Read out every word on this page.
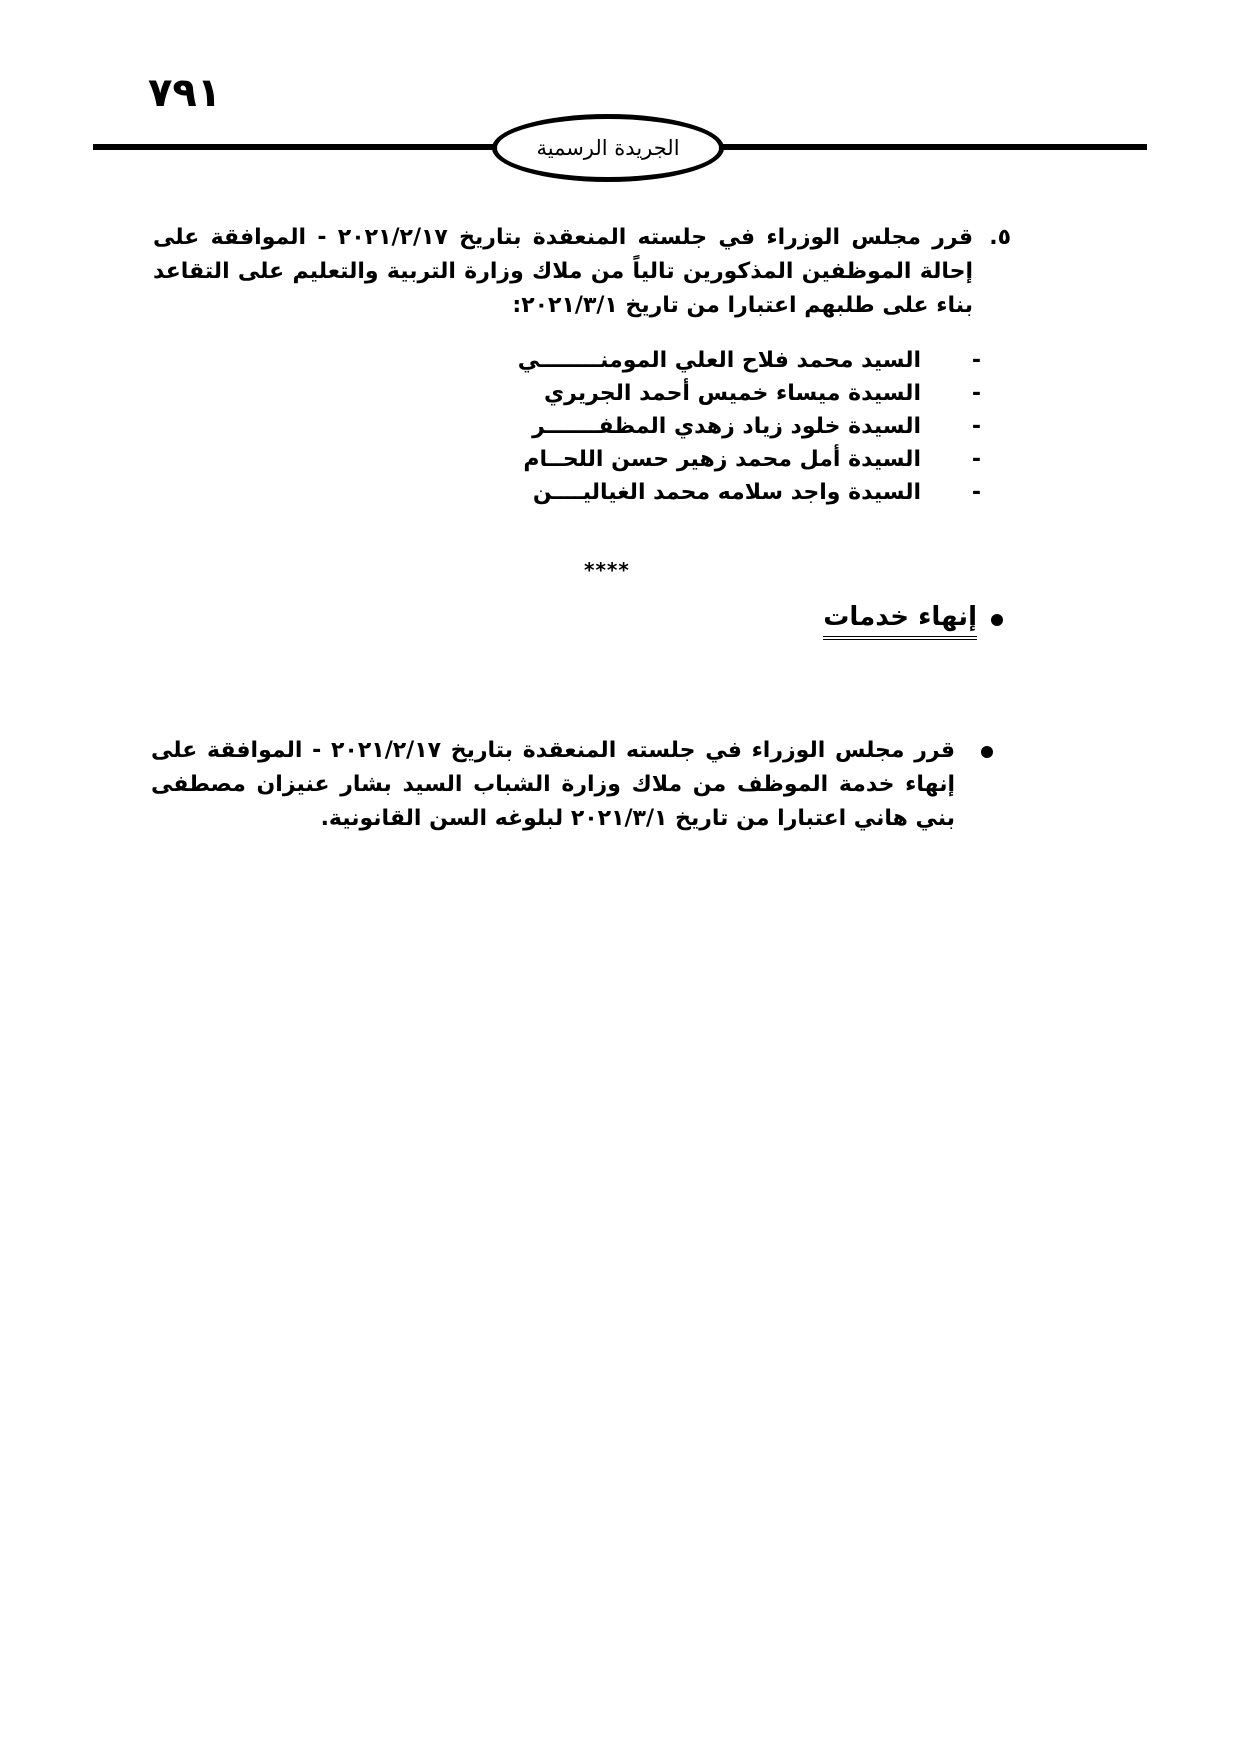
٧٩١
الجريدة الرسمية
٥.
قرر مجلس الوزراء في جلسته المنعقدة بتاريخ ٢٠٢١/٢/١٧ - الموافقة على إحالة الموظفين المذكورين تالياً من ملاك وزارة التربية والتعليم على التقاعد بناء على طلبهم اعتبارا من تاريخ ٢٠٢١/٣/١:
-
السيد محمد فلاح العلي المومنــــــــي
-
السيدة ميساء خميس أحمد الجريري
-
السيدة خلود زياد زهدي المظفـــــــر
-
السيدة أمل محمد زهير حسن اللحــام
-
السيدة واجد سلامه محمد الغياليــــن
****
إنهاء خدمات
قرر مجلس الوزراء في جلسته المنعقدة بتاريخ ٢٠٢١/٢/١٧ - الموافقة على إنهاء خدمة الموظف من ملاك وزارة الشباب السيد بشار عنيزان مصطفى بني هاني اعتبارا من تاريخ ٢٠٢١/٣/١ لبلوغه السن القانونية.
